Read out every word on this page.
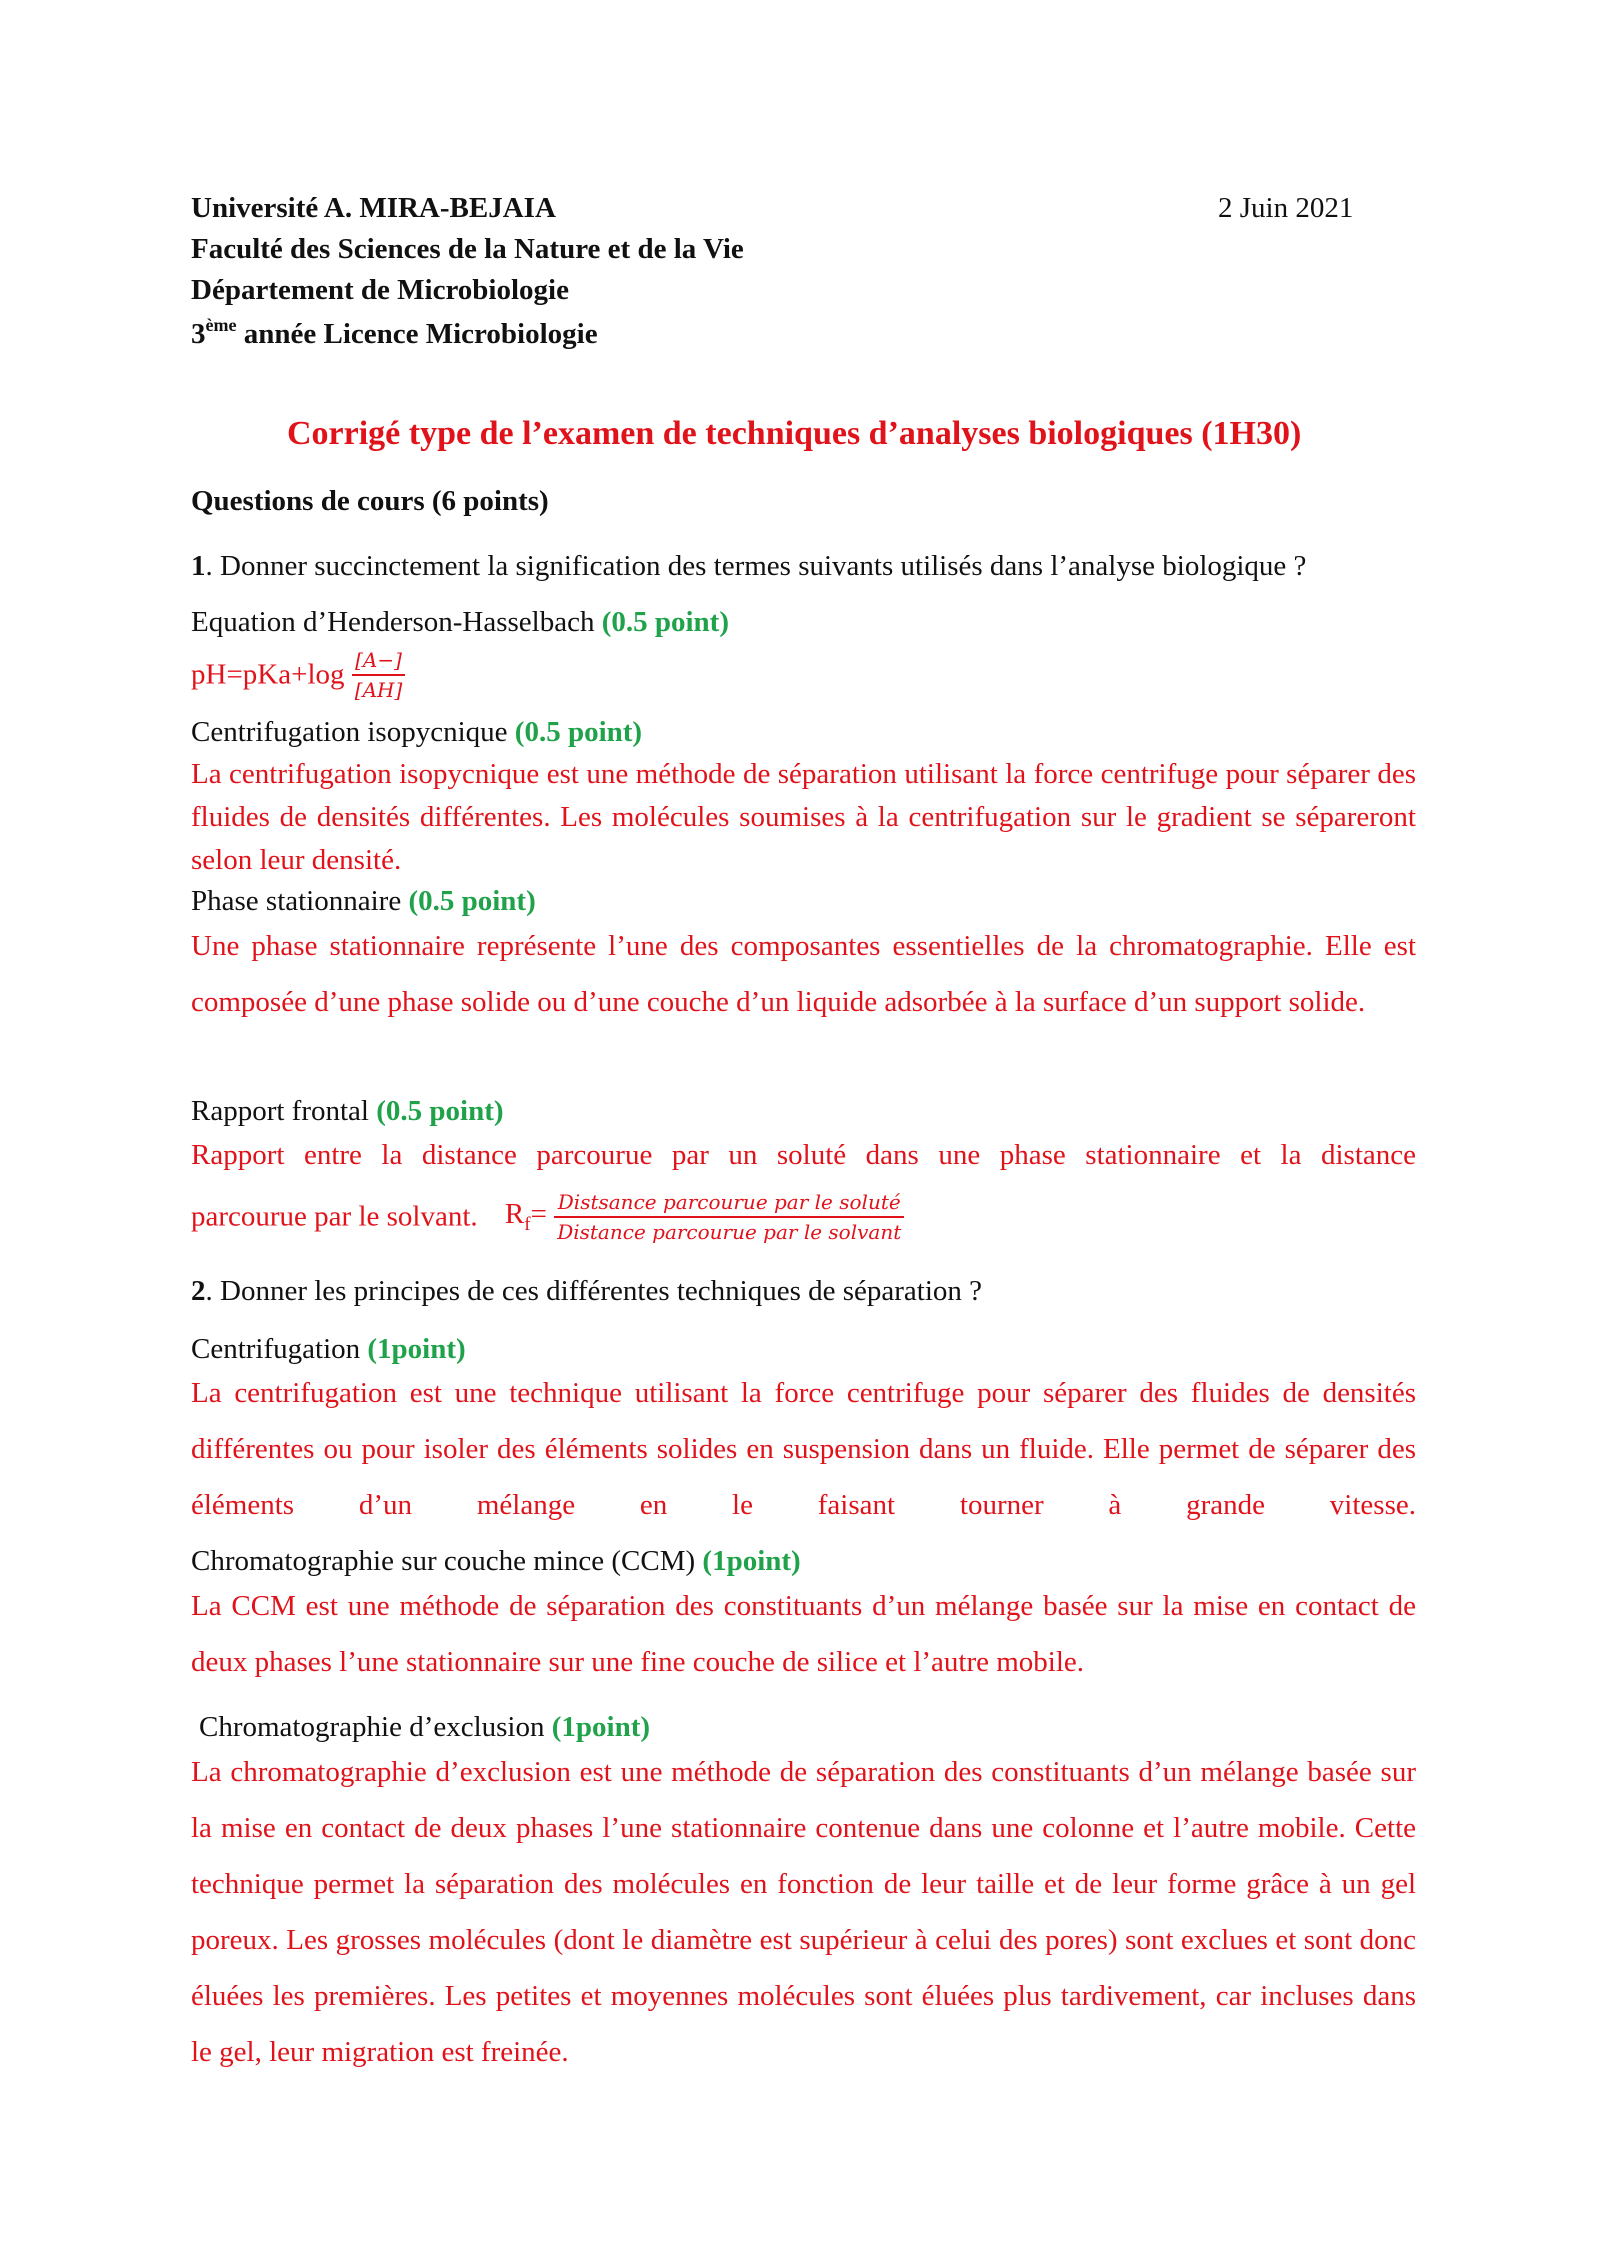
Université A. MIRA-BEJAIA	2 Juin 2021
Faculté des Sciences de la Nature et de la Vie
Département de Microbiologie
3ème année Licence Microbiologie
Corrigé type de l’examen de techniques d’analyses biologiques (1H30)
Questions de cours (6 points)
1. Donner succinctement la signification des termes suivants utilisés dans l’analyse biologique ?
Equation d’Henderson-Hasselbach (0.5 point)
$pH=pKa+\log \frac{[A-]}{[AH]}$
Centrifugation isopycnique (0.5 point)
La centrifugation isopycnique est une méthode de séparation utilisant la force centrifuge pour séparer des fluides de densités différentes. Les molécules soumises à la centrifugation sur le gradient se sépareront selon leur densité.
Phase stationnaire (0.5 point)
Une phase stationnaire représente l’une des composantes essentielles de la chromatographie. Elle est composée d’une phase solide ou d’une couche d’un liquide adsorbée à la surface d’un support solide.
Rapport frontal (0.5 point)
Rapport entre la distance parcourue par un soluté dans une phase stationnaire et la distance
parcourue par le solvant. $R_f= \frac{\text{Distsance parcourue par le soluté}}{\text{Distance parcourue par le solvant}}$
2. Donner les principes de ces différentes techniques de séparation ?
Centrifugation (1point)
La centrifugation est une technique utilisant la force centrifuge pour séparer des fluides de densités différentes ou pour isoler des éléments solides en suspension dans un fluide. Elle permet de séparer des éléments d’un mélange en le faisant tourner à grande vitesse.
Chromatographie sur couche mince (CCM) (1point)
La CCM est une méthode de séparation des constituants d’un mélange basée sur la mise en contact de deux phases l’une stationnaire sur une fine couche de silice et l’autre mobile.
Chromatographie d’exclusion (1point)
La chromatographie d’exclusion est une méthode de séparation des constituants d’un mélange basée sur la mise en contact de deux phases l’une stationnaire contenue dans une colonne et l’autre mobile. Cette technique permet la séparation des molécules en fonction de leur taille et de leur forme grâce à un gel poreux. Les grosses molécules (dont le diamètre est supérieur à celui des pores) sont exclues et sont donc éluées les premières. Les petites et moyennes molécules sont éluées plus tardivement, car incluses dans le gel, leur migration est freinée.
